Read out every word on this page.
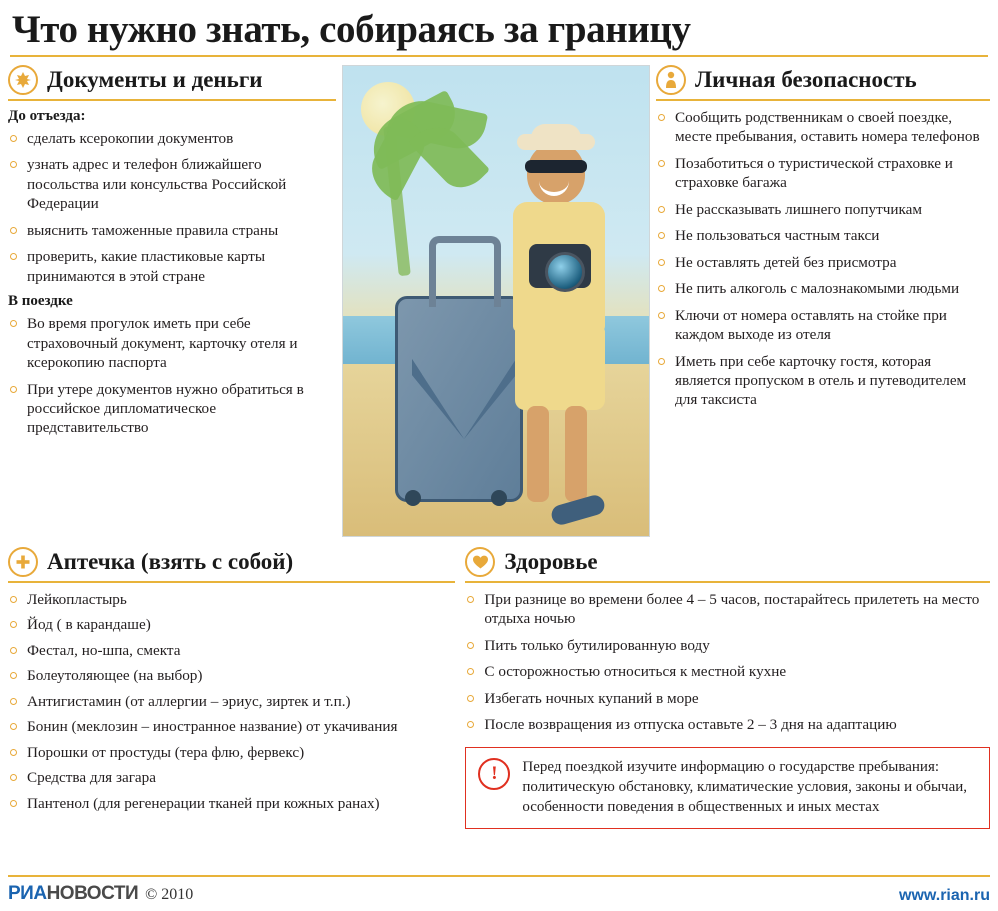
Что нужно знать, собираясь за границу
Документы и деньги
До отъезда:
сделать ксерокопии документов
узнать адрес и телефон ближайшего посольства или консульства Российской Федерации
выяснить таможенные правила страны
проверить, какие пластиковые карты принимаются в этой стране
В поездке
Во время прогулок иметь при себе страховочный документ, карточку отеля и ксерокопию паспорта
При утере документов нужно обратиться в российское дипломатическое представительство
Личная безопасность
Сообщить родственникам о своей поездке, месте пребывания, оставить номера телефонов
Позаботиться о туристической страховке и страховке багажа
Не рассказывать лишнего попутчикам
Не пользоваться частным такси
Не оставлять детей без присмотра
Не пить алкоголь с малознакомыми людьми
Ключи от номера оставлять на стойке при каждом выходе из отеля
Иметь при себе карточку гостя, которая является пропуском в отель и путеводителем для таксиста
Аптечка (взять с собой)
Лейкопластырь
Йод ( в карандаше)
Фестал, но-шпа, смекта
Болеутоляющее (на выбор)
Антигистамин (от аллергии – эриус, зиртек и т.п.)
Бонин (меклозин – иностранное название) от укачивания
Порошки от простуды (тера флю, фервекс)
Средства для загара
Пантенол (для регенерации тканей при кожных ранах)
Здоровье
При разнице во времени более 4 – 5 часов, постарайтесь прилететь на место отдыха ночью
Пить только бутилированную воду
С осторожностью относиться к местной кухне
Избегать ночных купаний в море
После возвращения из отпуска оставьте 2 – 3 дня на адаптацию
!	Перед поездкой изучите информацию о государстве пребывания: политическую обстановку, климатические условия, законы и обычаи, особенности поведения в общественных и иных местах
РИАНОВОСТИ © 2010	www.rian.ru
